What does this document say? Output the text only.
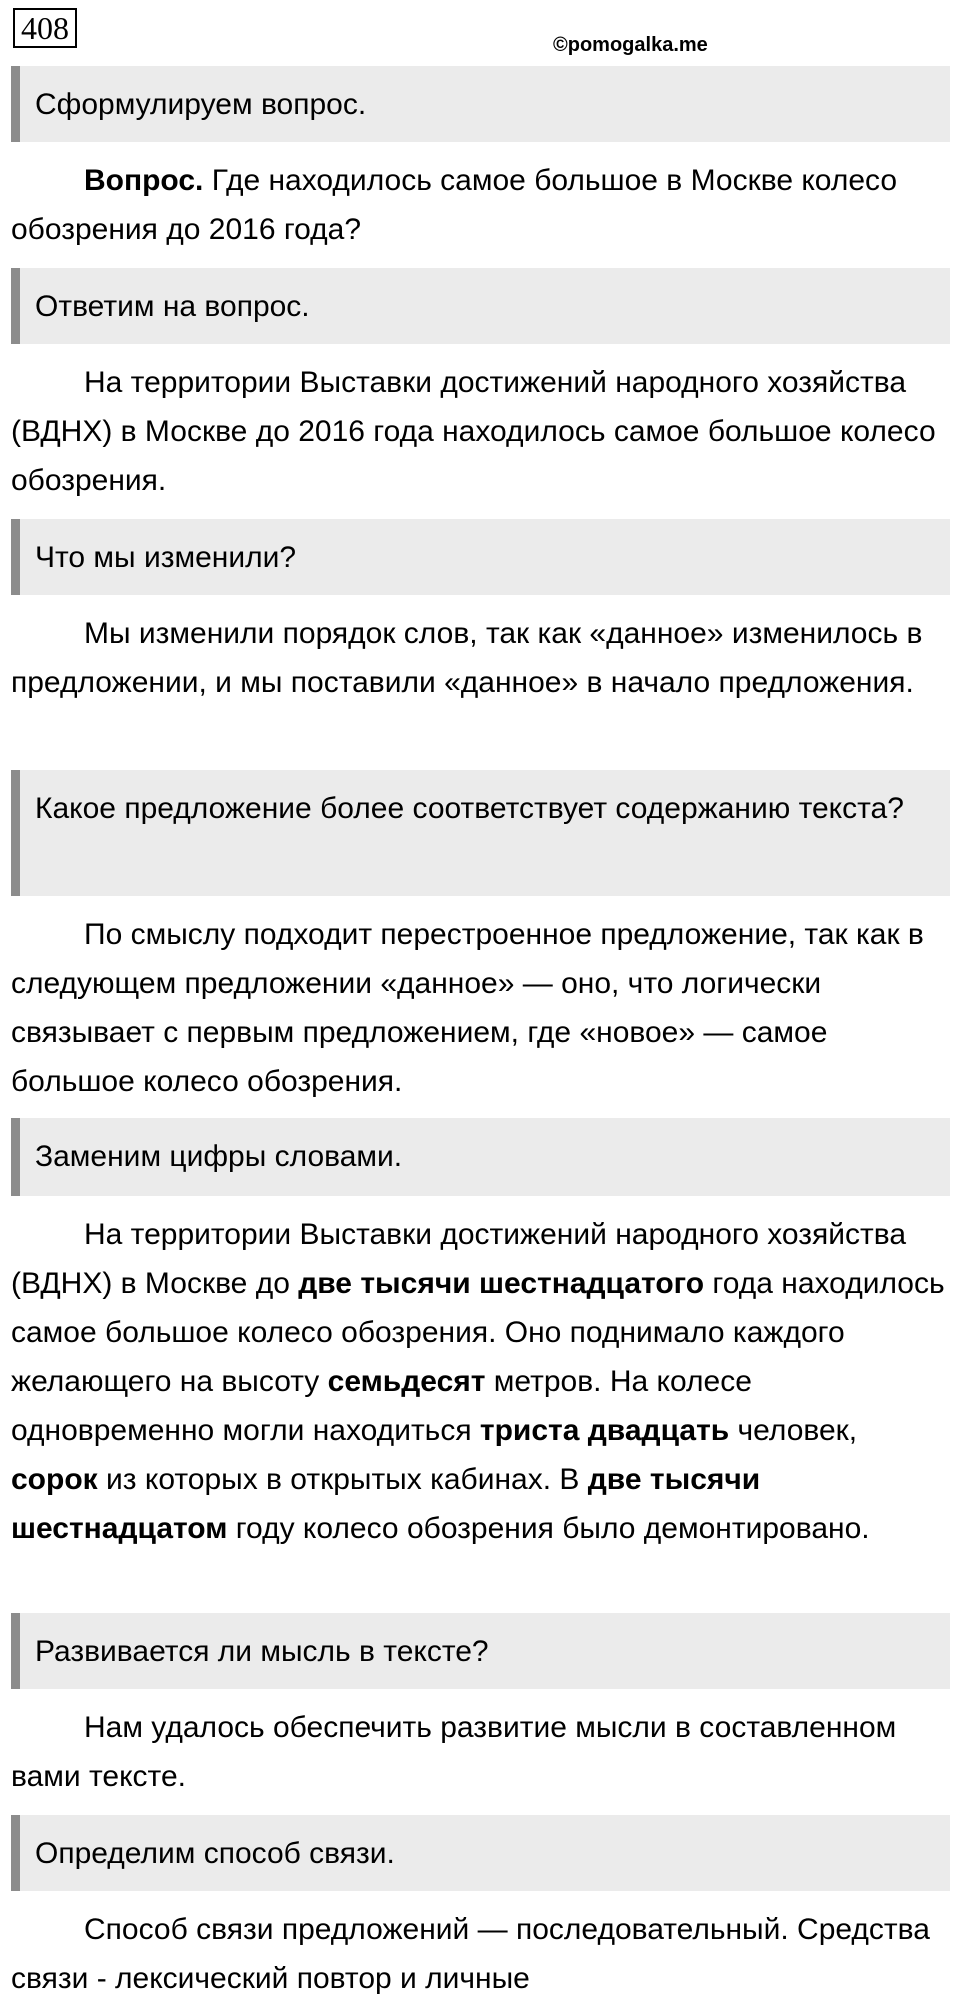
408	©pomogalka.me
Сформулируем вопрос.

Вопрос. Где находилось самое большое в Москве колесо обозрения до 2016 года?

Ответим на вопрос.

На территории Выставки достижений народного хозяйства (ВДНХ) в Москве до 2016 года находилось самое большое колесо обозрения.

Что мы изменили?

Мы изменили порядок слов, так как «данное» изменилось в предложении, и мы поставили «данное» в начало предложения.

Какое предложение более соответствует содержанию текста?

По смыслу подходит перестроенное предложение, так как в следующем предложении «данное» — оно, что логически связывает с первым предложением, где «новое» — самое большое колесо обозрения.

Заменим цифры словами.

На территории Выставки достижений народного хозяйства (ВДНХ) в Москве до две тысячи шестнадцатого года находилось самое большое колесо обозрения. Оно поднимало каждого желающего на высоту семьдесят метров. На колесе одновременно могли находиться триста двадцать человек, сорок из которых в открытых кабинах. В две тысячи шестнадцатом году колесо обозрения было демонтировано.

Развивается ли мысль в тексте?

Нам удалось обеспечить развитие мысли в составленном вами тексте.

Определим способ связи.

Способ связи предложений — последовательный. Средства связи - лексический повтор и личные
